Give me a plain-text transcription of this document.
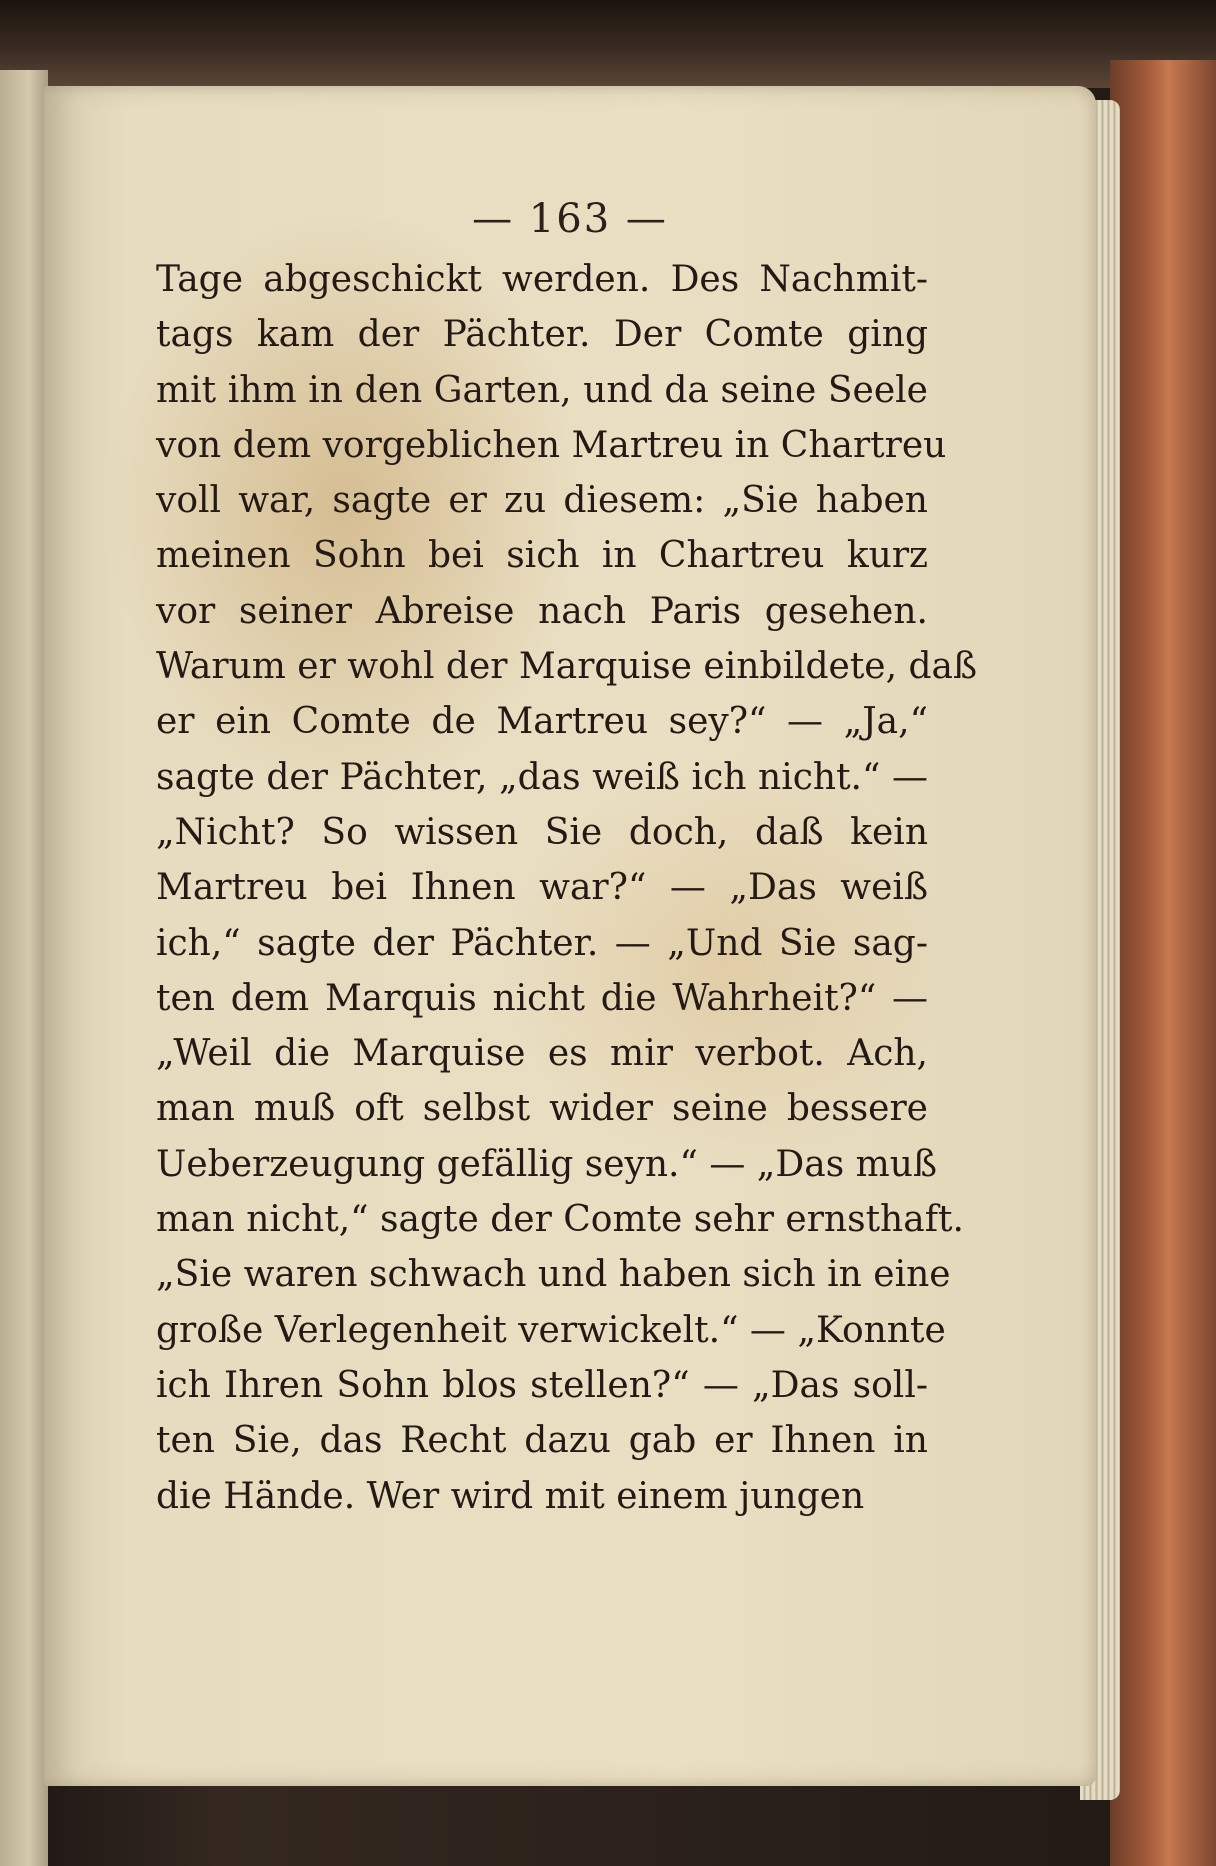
— 163 —
Tage abgeschickt werden. Des Nachmit-
tags kam der Pächter. Der Comte ging
mit ihm in den Garten, und da seine Seele
von dem vorgeblichen Martreu in Chartreu
voll war, sagte er zu diesem: „Sie haben
meinen Sohn bei sich in Chartreu kurz
vor seiner Abreise nach Paris gesehen.
Warum er wohl der Marquise einbildete, daß
er ein Comte de Martreu sey?“ — „Ja,“
sagte der Pächter, „das weiß ich nicht.“ —
„Nicht? So wissen Sie doch, daß kein
Martreu bei Ihnen war?“ — „Das weiß
ich,“ sagte der Pächter. — „Und Sie sag-
ten dem Marquis nicht die Wahrheit?“ —
„Weil die Marquise es mir verbot. Ach,
man muß oft selbst wider seine bessere
Ueberzeugung gefällig seyn.“ — „Das muß
man nicht,“ sagte der Comte sehr ernsthaft.
„Sie waren schwach und haben sich in eine
große Verlegenheit verwickelt.“ — „Konnte
ich Ihren Sohn blos stellen?“ — „Das soll-
ten Sie, das Recht dazu gab er Ihnen in
die Hände. Wer wird mit einem jungen
